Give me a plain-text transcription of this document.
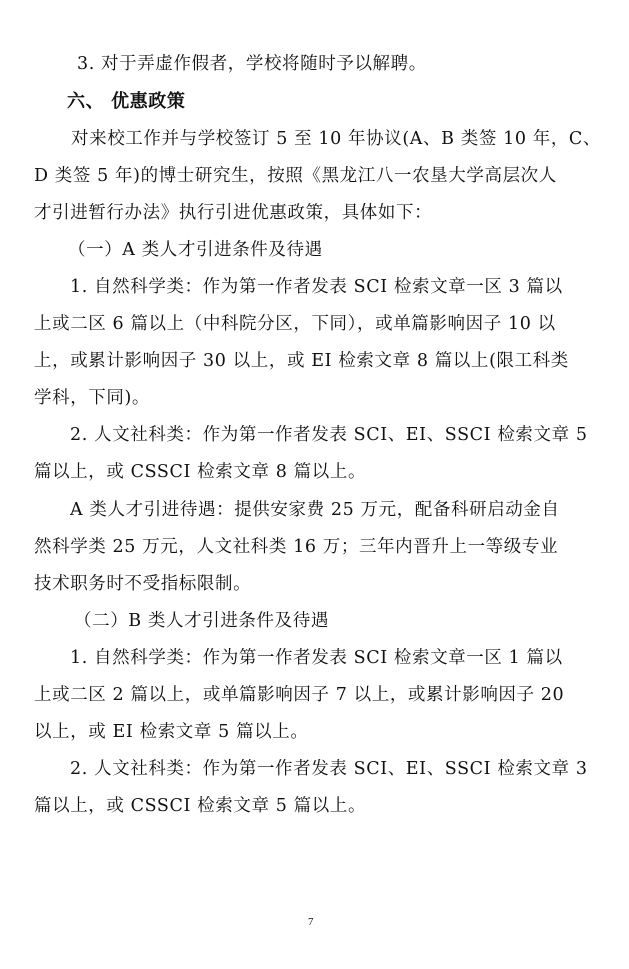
3. 对于弄虚作假者，学校将随时予以解聘。
六、 优惠政策
对来校工作并与学校签订 5 至 10 年协议(A、B 类签 10 年，C、
D 类签 5 年)的博士研究生，按照《黑龙江八一农垦大学高层次人
才引进暂行办法》执行引进优惠政策，具体如下：
（一）A 类人才引进条件及待遇
1. 自然科学类：作为第一作者发表 SCI 检索文章一区 3 篇以
上或二区 6 篇以上（中科院分区，下同），或单篇影响因子 10 以
上，或累计影响因子 30 以上，或 EI 检索文章 8 篇以上(限工科类
学科，下同)。
2. 人文社科类：作为第一作者发表 SCI、EI、SSCI 检索文章 5
篇以上，或 CSSCI 检索文章 8 篇以上。
A 类人才引进待遇：提供安家费 25 万元，配备科研启动金自
然科学类 25 万元，人文社科类 16 万；三年内晋升上一等级专业
技术职务时不受指标限制。
（二）B 类人才引进条件及待遇
1. 自然科学类：作为第一作者发表 SCI 检索文章一区 1 篇以
上或二区 2 篇以上，或单篇影响因子 7 以上，或累计影响因子 20
以上，或 EI 检索文章 5 篇以上。
2. 人文社科类：作为第一作者发表 SCI、EI、SSCI 检索文章 3
篇以上，或 CSSCI 检索文章 5 篇以上。
7
